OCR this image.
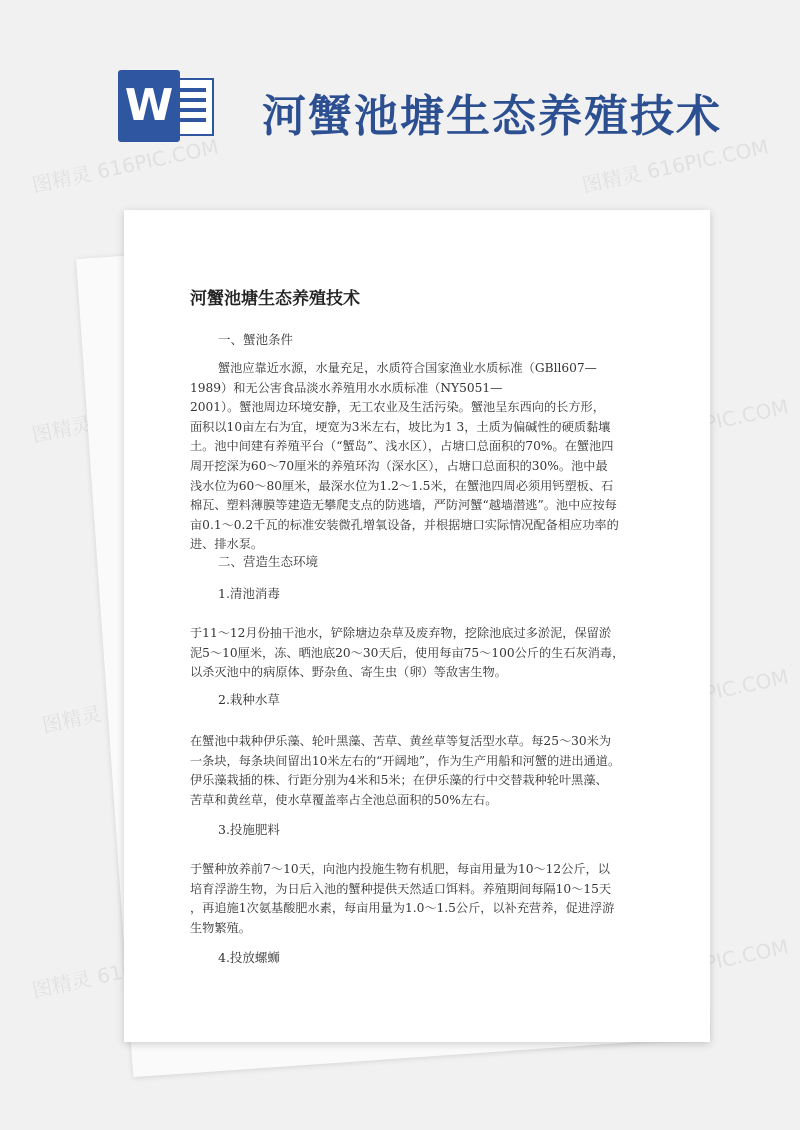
W 河蟹池塘生态养殖技术
图精灵 616PIC.COM	图精灵 616PIC.COM
图精灵	616PIC.COM
图精灵
616PIC.COM
图精灵
616PIC.COM
河蟹池塘生态养殖技术
一、蟹池条件
蟹池应靠近水源，水量充足，水质符合国家渔业水质标准（GBll607—
1989）和无公害食品淡水养殖用水水质标准（NY5051—
2001）。蟹池周边环境安静，无工农业及生活污染。蟹池呈东西向的长方形，
面积以10亩左右为宜，埂宽为3米左右，坡比为1 3，土质为偏碱性的硬质黏壤
土。池中间建有养殖平台（“蟹岛”、浅水区），占塘口总面积的70%。在蟹池四
周开挖深为60～70厘米的养殖环沟（深水区），占塘口总面积的30%。池中最
浅水位为60～80厘米，最深水位为1.2～1.5米，在蟹池四周必须用钙塑板、石
棉瓦、塑料薄膜等建造无攀爬支点的防逃墙，严防河蟹“越墙潜逃”。池中应按每
亩0.1～0.2千瓦的标准安装微孔增氧设备，并根据塘口实际情况配备相应功率的
进、排水泵。
二、营造生态环境
1.清池消毒
于11～12月份抽干池水，铲除塘边杂草及废弃物，挖除池底过多淤泥，保留淤
泥5～10厘米，冻、晒池底20～30天后，使用每亩75～100公斤的生石灰消毒，
以杀灭池中的病原体、野杂鱼、寄生虫（卵）等敌害生物。
2.栽种水草
在蟹池中栽种伊乐藻、轮叶黑藻、苦草、黄丝草等复活型水草。每25～30米为
一条块，每条块间留出10米左右的“开阔地”，作为生产用船和河蟹的进出通道。
伊乐藻栽插的株、行距分别为4米和5米；在伊乐藻的行中交替栽种轮叶黑藻、
苦草和黄丝草，使水草覆盖率占全池总面积的50%左右。
3.投施肥料
于蟹种放养前7～10天，向池内投施生物有机肥，每亩用量为10～12公斤，以
培育浮游生物，为日后入池的蟹种提供天然适口饵料。养殖期间每隔10～15天
，再追施1次氨基酸肥水素，每亩用量为1.0～1.5公斤，以补充营养，促进浮游
生物繁殖。
4.投放螺蛳
